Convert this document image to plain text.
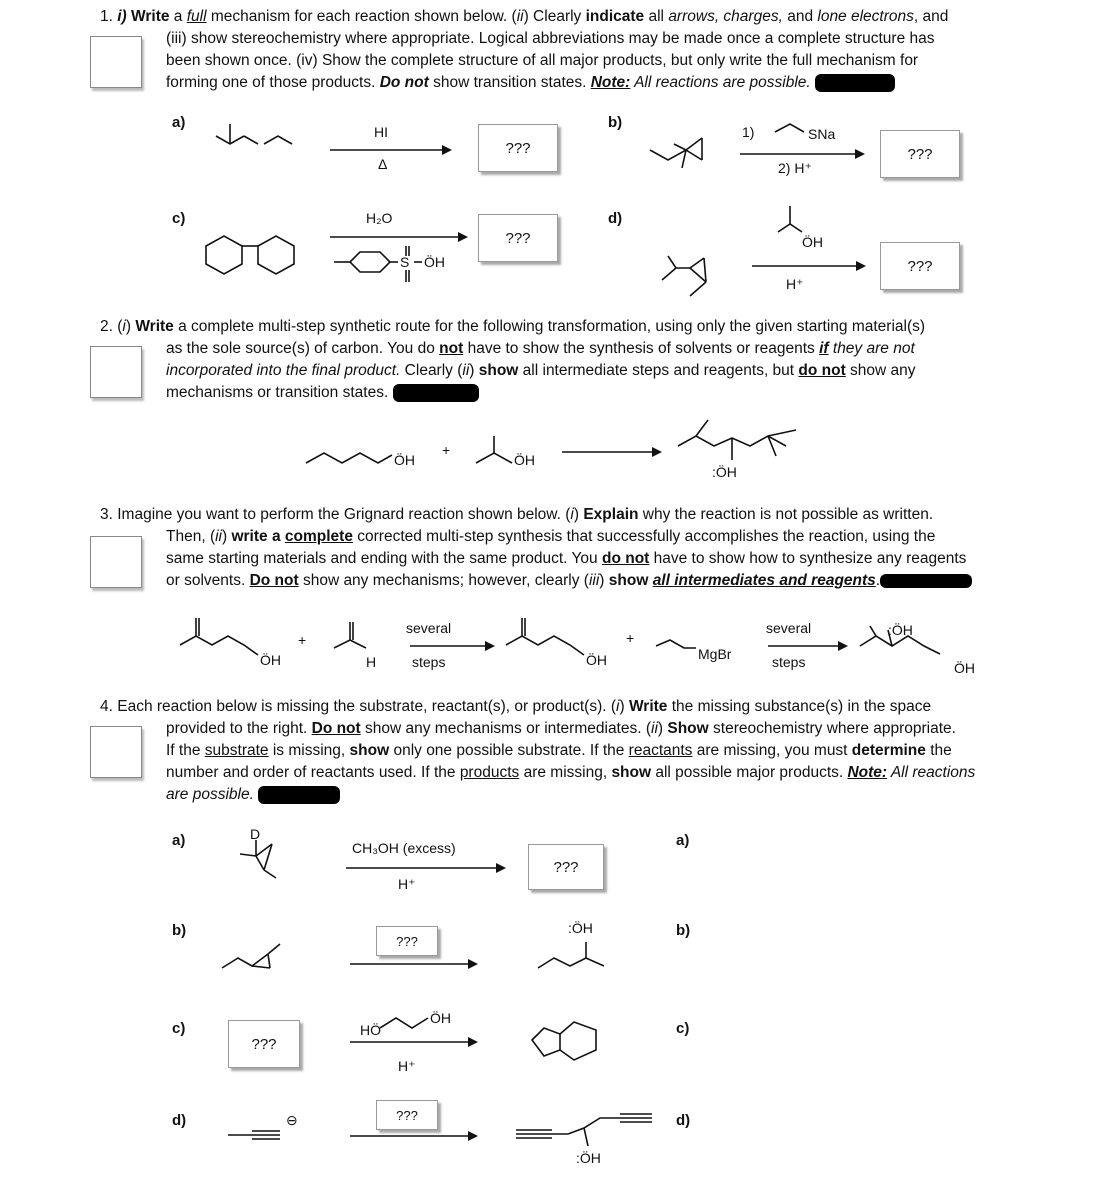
1. i) Write a full mechanism for each reaction shown below. (ii) Clearly indicate all arrows, charges, and lone electrons, and

(iii) show stereochemistry where appropriate. Logical abbreviations may be made once a complete structure has

been shown once. (iv) Show the complete structure of all major products, but only write the full mechanism for

forming one of those products. Do not show transition states. Note: All reactions are possible.

a)
HI
Δ
???
b)
1)	SNa
2) H⁺
???
c)	H₂O
S ÖH
???
d)
ÖH
H⁺
???

2. (i) Write a complete multi-step synthetic route for the following transformation, using only the given starting material(s)

as the sole source(s) of carbon. You do not have to show the synthesis of solvents or reagents if they are not

incorporated into the final product. Clearly (ii) show all intermediate steps and reagents, but do not show any

mechanisms or transition states.

ÖH
+
ÖH
:ÖH

3. Imagine you want to perform the Grignard reaction shown below. (i) Explain why the reaction is not possible as written.

Then, (ii) write a complete corrected multi-step synthesis that successfully accomplishes the reaction, using the

same starting materials and ending with the same product. You do not have to show how to synthesize any reagents

or solvents. Do not show any mechanisms; however, clearly (iii) show all intermediates and reagents.

ÖH
+
H
several
steps	ÖH
+
MgBr
several
steps
:ÖH
ÖH

4. Each reaction below is missing the substrate, reactant(s), or product(s). (i) Write the missing substance(s) in the space

provided to the right. Do not show any mechanisms or intermediates. (ii) Show stereochemistry where appropriate.

If the substrate is missing, show only one possible substrate. If the reactants are missing, you must determine the

number and order of reactants used. If the products are missing, show all possible major products. Note: All reactions

are possible.

a)	D
CH₃OH (excess)
H⁺
???
a)
b)
???
:ÖH	b)
c)
???
HÖ
ÖH
H⁺
c)
d)	⊖	???
:ÖH
d)
